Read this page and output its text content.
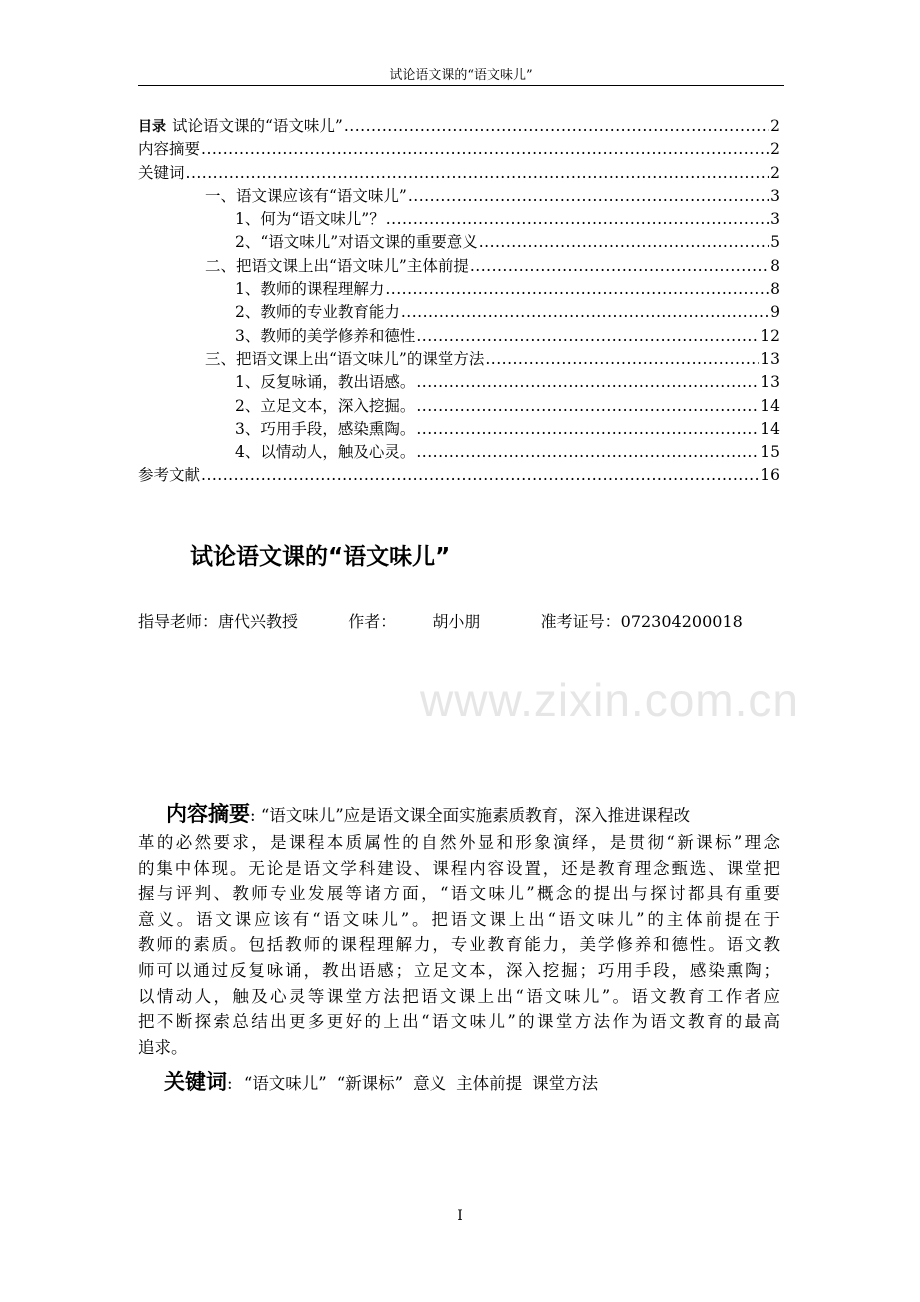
试论语文课的“语文味儿”
目录 试论语文课的“语文味儿” .....	2
内容摘要 .....	2
关键词 .....	2
一、语文课应该有“语文味儿” .....	3
1、何为“语文味儿”？ .....	3
2、“语文味儿”对语文课的重要意义 .....	5
二、把语文课上出“语文味儿”主体前提 .....	8
1、教师的课程理解力 .....	8
2、教师的专业教育能力 .....	9
3、教师的美学修养和德性 .....	12
三、把语文课上出“语文味儿”的课堂方法 .....	13
1、反复咏诵，教出语感。 .....	13
2、立足文本，深入挖掘。 .....	14
3、巧用手段，感染熏陶。 .....	14
4、以情动人，触及心灵。 .....	15
参考文献 .....	16
试论语文课的“语文味儿”
指导老师：唐代兴教授	作者： 胡小朋	准考证号：072304200018
www.zixin.com.cn
内容摘要: “语文味儿”应是语文课全面实施素质教育，深入推进课程改
革的必然要求，是课程本质属性的自然外显和形象演绎，是贯彻“新课标”理念
的集中体现。无论是语文学科建设、课程内容设置，还是教育理念甄选、课堂把
握与评判、教师专业发展等诸方面，“语文味儿”概念的提出与探讨都具有重要
意义。语文课应该有“语文味儿”。把语文课上出“语文味儿”的主体前提在于
教师的素质。包括教师的课程理解力，专业教育能力，美学修养和德性。语文教
师可以通过反复咏诵，教出语感；立足文本，深入挖掘；巧用手段，感染熏陶；
以情动人，触及心灵等课堂方法把语文课上出“语文味儿”。语文教育工作者应
把不断探索总结出更多更好的上出“语文味儿”的课堂方法作为语文教育的最高
追求。
关键词: “语文味儿” “新课标” 意义 主体前提 课堂方法
I
